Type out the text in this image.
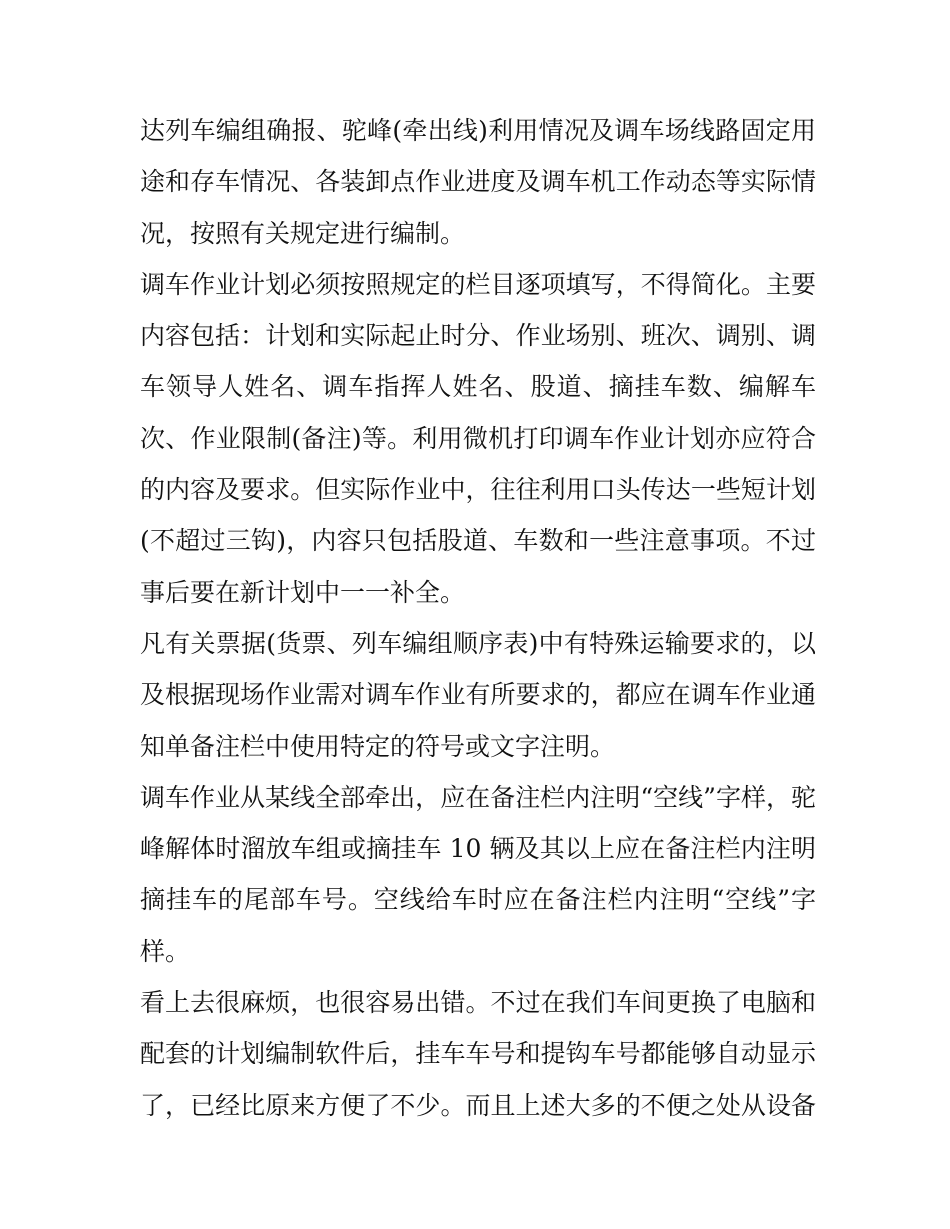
达列车编组确报、驼峰(牵出线)利用情况及调车场线路固定用
途和存车情况、各装卸点作业进度及调车机工作动态等实际情
况，按照有关规定进行编制。
调车作业计划必须按照规定的栏目逐项填写，不得简化。主要
内容包括：计划和实际起止时分、作业场别、班次、调别、调
车领导人姓名、调车指挥人姓名、股道、摘挂车数、编解车
次、作业限制(备注)等。利用微机打印调车作业计划亦应符合
的内容及要求。但实际作业中，往往利用口头传达一些短计划
(不超过三钩)，内容只包括股道、车数和一些注意事项。不过
事后要在新计划中一一补全。
凡有关票据(货票、列车编组顺序表)中有特殊运输要求的，以
及根据现场作业需对调车作业有所要求的，都应在调车作业通
知单备注栏中使用特定的符号或文字注明。
调车作业从某线全部牵出，应在备注栏内注明“空线”字样，驼
峰解体时溜放车组或摘挂车 10 辆及其以上应在备注栏内注明
摘挂车的尾部车号。空线给车时应在备注栏内注明“空线”字
样。
看上去很麻烦，也很容易出错。不过在我们车间更换了电脑和
配套的计划编制软件后，挂车车号和提钩车号都能够自动显示
了，已经比原来方便了不少。而且上述大多的不便之处从设备
